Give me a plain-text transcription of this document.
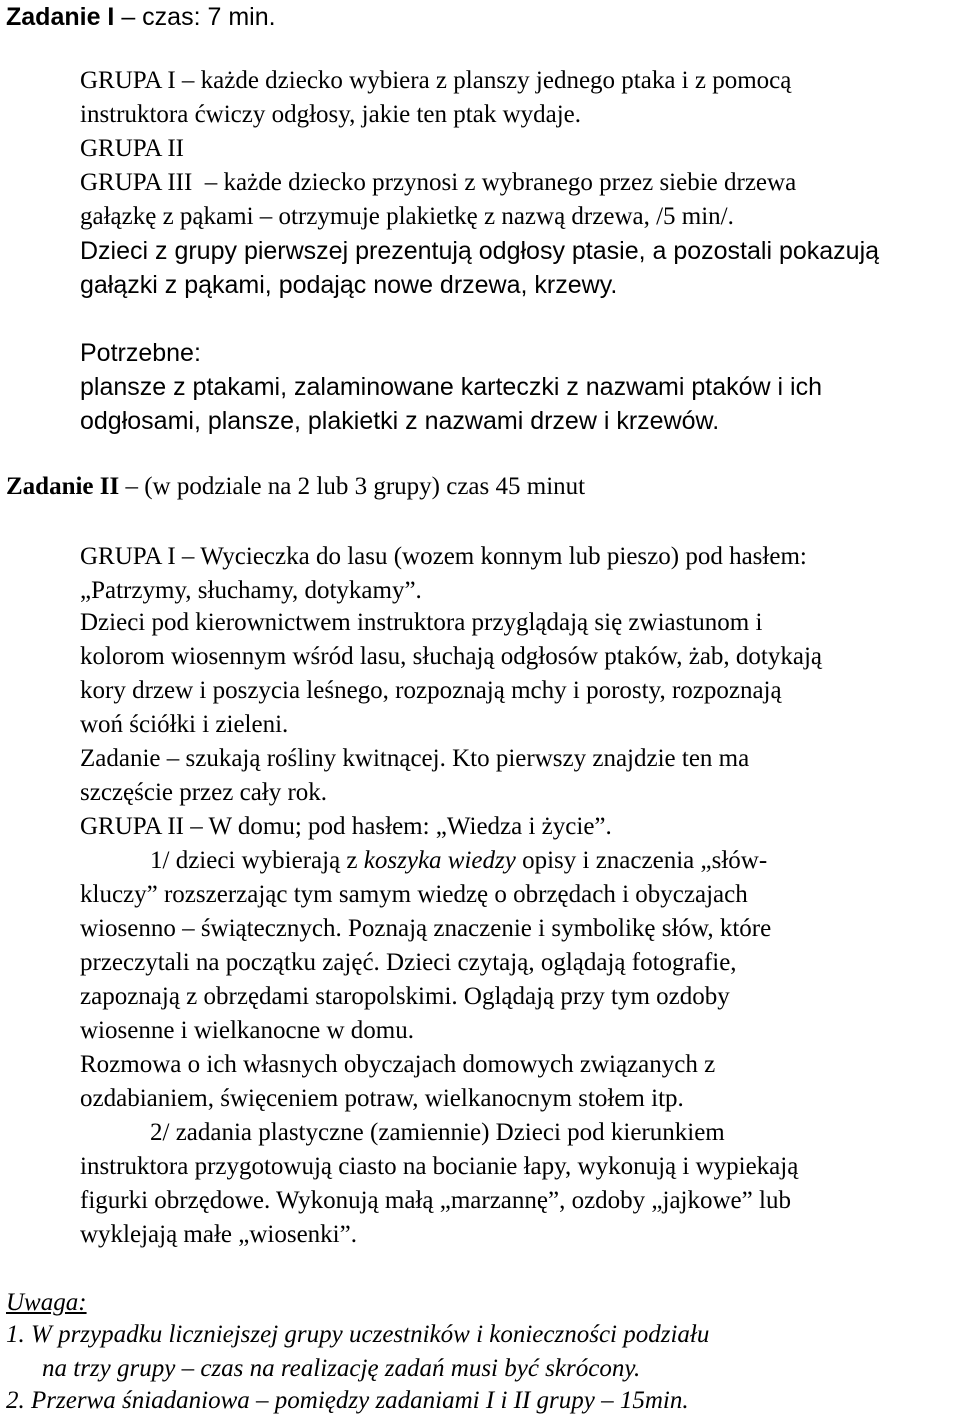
Zadanie I – czas: 7 min.
GRUPA I – każde dziecko wybiera z planszy jednego ptaka i z pomocą
instruktora ćwiczy odgłosy, jakie ten ptak wydaje.
GRUPA II
GRUPA III  – każde dziecko przynosi z wybranego przez siebie drzewa
gałązkę z pąkami – otrzymuje plakietkę z nazwą drzewa, /5 min/.
Dzieci z grupy pierwszej prezentują odgłosy ptasie, a pozostali pokazują
gałązki z pąkami, podając nowe drzewa, krzewy.
Potrzebne:
plansze z ptakami, zalaminowane karteczki z nazwami ptaków i ich
odgłosami, plansze, plakietki z nazwami drzew i krzewów.
Zadanie II – (w podziale na 2 lub 3 grupy) czas 45 minut
GRUPA I – Wycieczka do lasu (wozem konnym lub pieszo) pod hasłem:
„Patrzymy, słuchamy, dotykamy”.
Dzieci pod kierownictwem instruktora przyglądają się zwiastunom i
kolorom wiosennym wśród lasu, słuchają odgłosów ptaków, żab, dotykają
kory drzew i poszycia leśnego, rozpoznają mchy i porosty, rozpoznają
woń ściółki i zieleni.
Zadanie – szukają rośliny kwitnącej. Kto pierwszy znajdzie ten ma
szczęście przez cały rok.
GRUPA II – W domu; pod hasłem: „Wiedza i życie”.
1/ dzieci wybierają z koszyka wiedzy opisy i znaczenia „słów-
kluczy” rozszerzając tym samym wiedzę o obrzędach i obyczajach
wiosenno – świątecznych. Poznają znaczenie i symbolikę słów, które
przeczytali na początku zajęć. Dzieci czytają, oglądają fotografie,
zapoznają z obrzędami staropolskimi. Oglądają przy tym ozdoby
wiosenne i wielkanocne w domu.
Rozmowa o ich własnych obyczajach domowych związanych z
ozdabianiem, święceniem potraw, wielkanocnym stołem itp.
2/ zadania plastyczne (zamiennie) Dzieci pod kierunkiem
instruktora przygotowują ciasto na bocianie łapy, wykonują i wypiekają
figurki obrzędowe. Wykonują małą „marzannę”, ozdoby „jajkowe” lub
wyklejają małe „wiosenki”.
Uwaga:
1. W przypadku liczniejszej grupy uczestników i konieczności podziału
na trzy grupy – czas na realizację zadań musi być skrócony.
2. Przerwa śniadaniowa – pomiędzy zadaniami I i II grupy – 15min.
